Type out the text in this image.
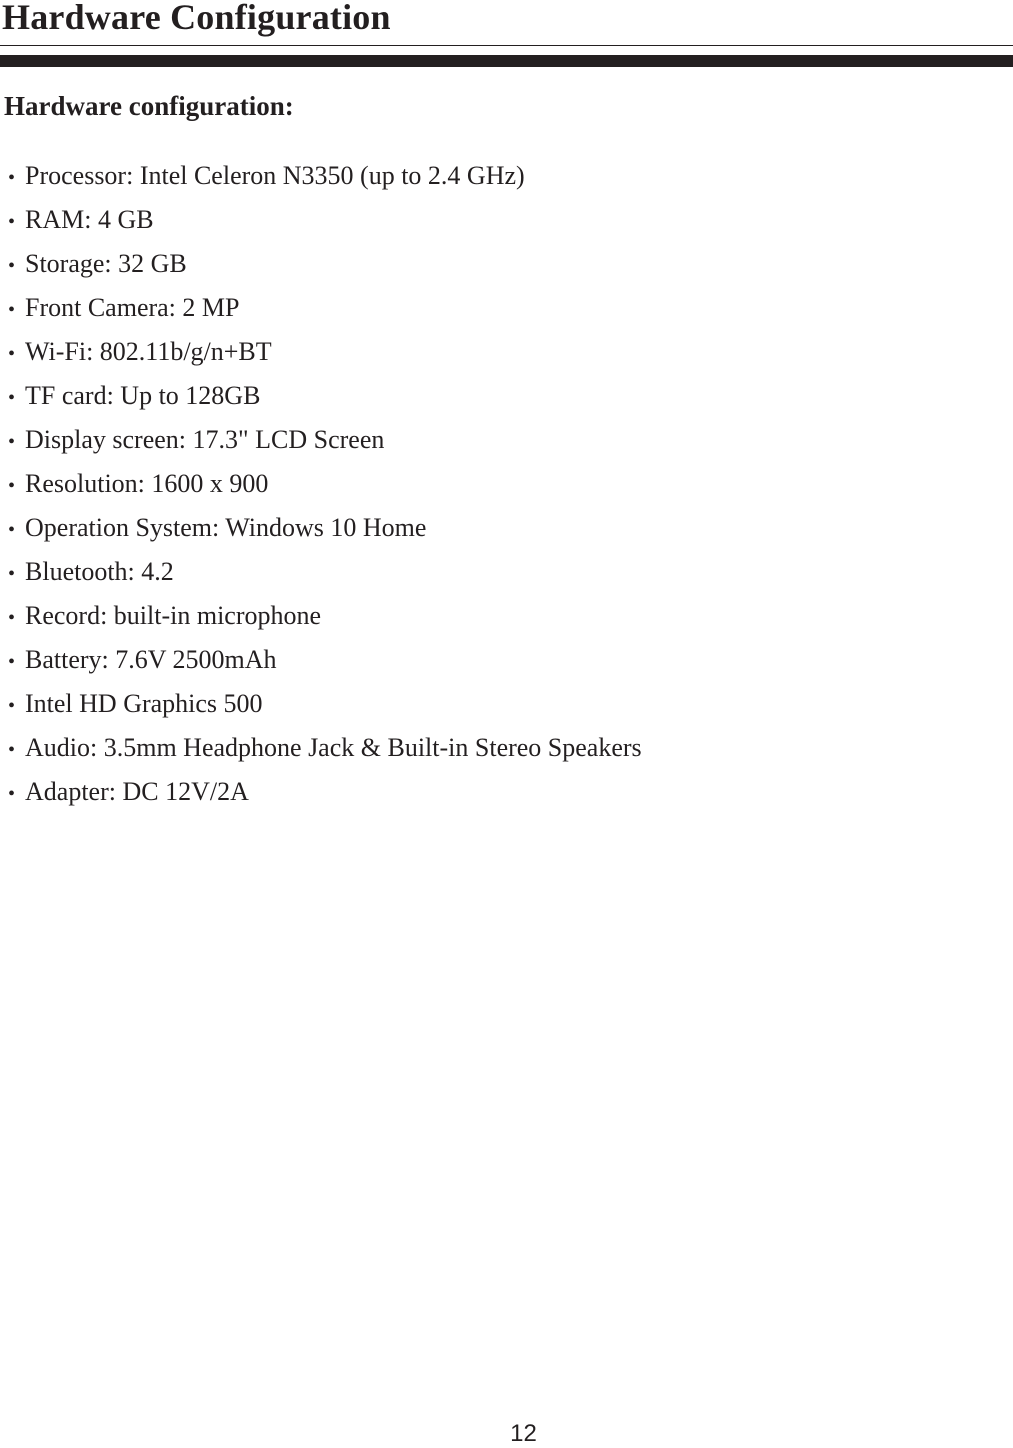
Hardware Configuration
Hardware configuration:
• Processor: Intel Celeron N3350 (up to 2.4 GHz)
• RAM: 4 GB
• Storage: 32 GB
• Front Camera: 2 MP
• Wi-Fi: 802.11b/g/n+BT
• TF card: Up to 128GB
• Display screen: 17.3" LCD Screen
• Resolution: 1600 x 900
• Operation System: Windows 10 Home
• Bluetooth: 4.2
• Record: built-in microphone
• Battery: 7.6V 2500mAh
• Intel HD Graphics 500
• Audio: 3.5mm Headphone Jack & Built-in Stereo Speakers
• Adapter: DC 12V/2A
12
